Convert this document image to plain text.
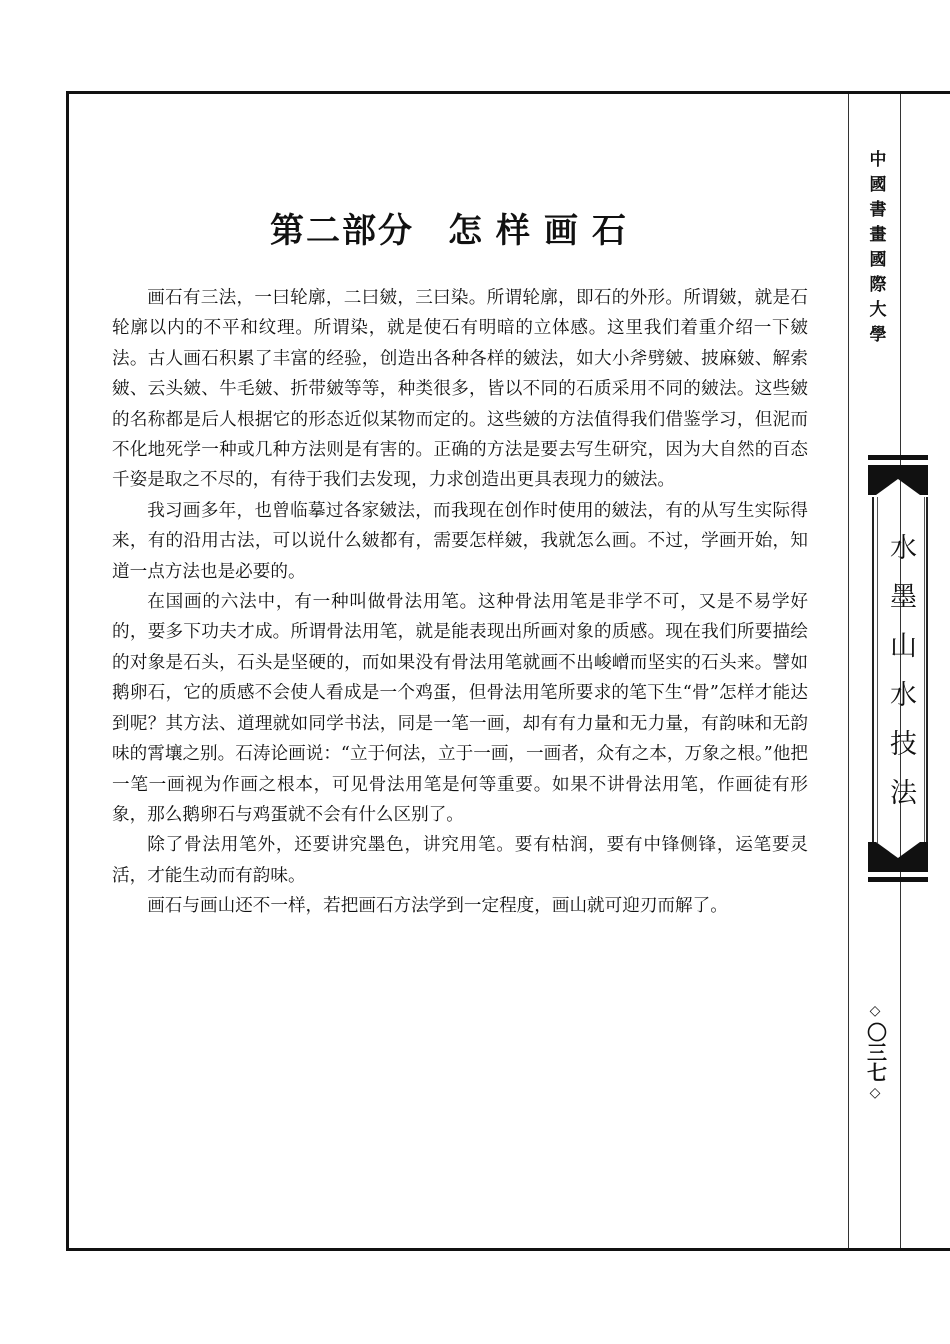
第二部分 怎样画石

画石有三法，一曰轮廓，二曰皴，三曰染。所谓轮廓，即石的外形。所谓皴，就是石轮廓以内的不平和纹理。所谓染，就是使石有明暗的立体感。这里我们着重介绍一下皴法。古人画石积累了丰富的经验，创造出各种各样的皴法，如大小斧劈皴、披麻皴、解索皴、云头皴、牛毛皴、折带皴等等，种类很多，皆以不同的石质采用不同的皴法。这些皴的名称都是后人根据它的形态近似某物而定的。这些皴的方法值得我们借鉴学习，但泥而不化地死学一种或几种方法则是有害的。正确的方法是要去写生研究，因为大自然的百态千姿是取之不尽的，有待于我们去发现，力求创造出更具表现力的皴法。

我习画多年，也曾临摹过各家皴法，而我现在创作时使用的皴法，有的从写生实际得来，有的沿用古法，可以说什么皴都有，需要怎样皴，我就怎么画。不过，学画开始，知道一点方法也是必要的。

在国画的六法中，有一种叫做骨法用笔。这种骨法用笔是非学不可，又是不易学好的，要多下功夫才成。所谓骨法用笔，就是能表现出所画对象的质感。现在我们所要描绘的对象是石头，石头是坚硬的，而如果没有骨法用笔就画不出峻嶒而坚实的石头来。譬如鹅卵石，它的质感不会使人看成是一个鸡蛋，但骨法用笔所要求的笔下生“骨”怎样才能达到呢？其方法、道理就如同学书法，同是一笔一画，却有有力量和无力量，有韵味和无韵味的霄壤之别。石涛论画说：“立于何法，立于一画，一画者，众有之本，万象之根。”他把一笔一画视为作画之根本，可见骨法用笔是何等重要。如果不讲骨法用笔，作画徒有形象，那么鹅卵石与鸡蛋就不会有什么区别了。

除了骨法用笔外，还要讲究墨色，讲究用笔。要有枯润，要有中锋侧锋，运笔要灵活，才能生动而有韵味。

画石与画山还不一样，若把画石方法学到一定程度，画山就可迎刃而解了。

中國書畫國際大學
水墨山水技法
◇
〇三七
◇
